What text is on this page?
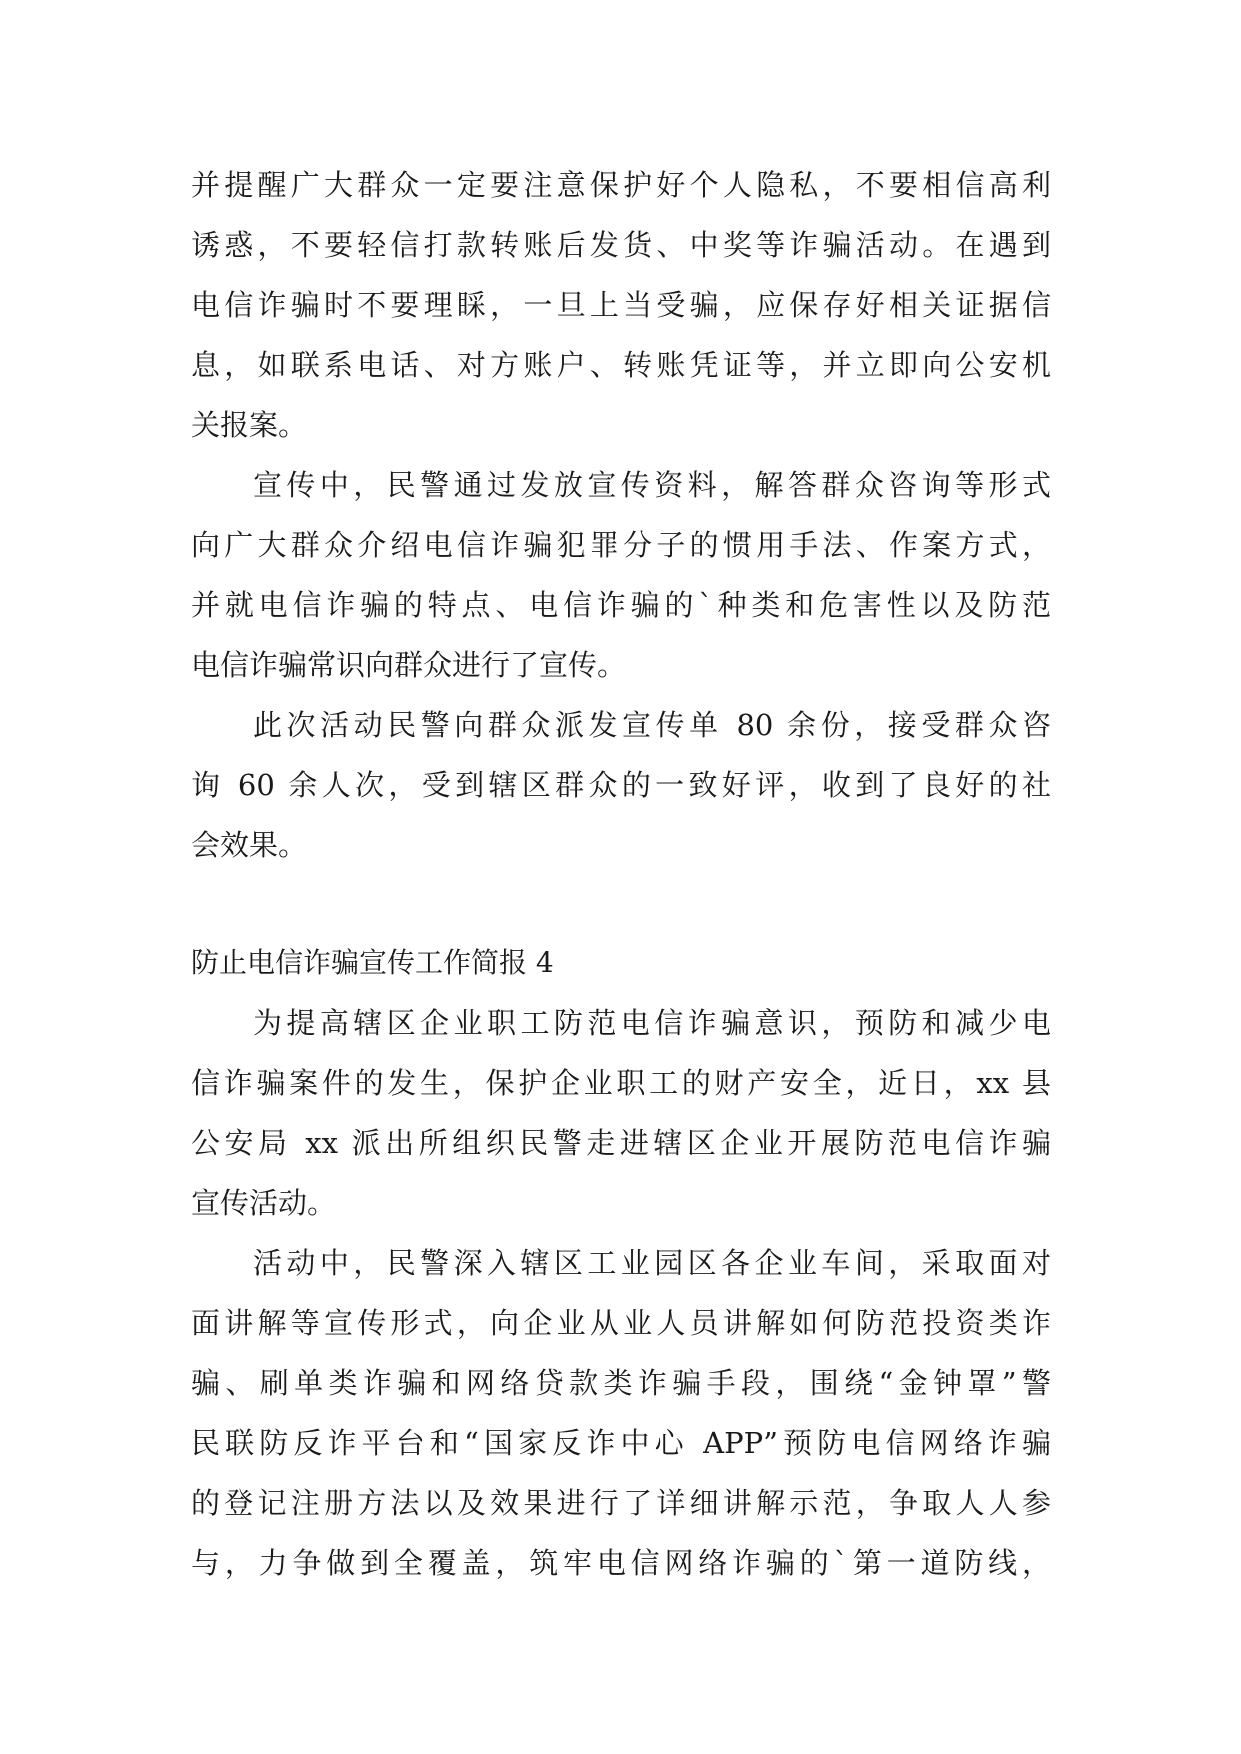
并提醒广大群众一定要注意保护好个人隐私，不要相信高利
诱惑，不要轻信打款转账后发货、中奖等诈骗活动。在遇到
电信诈骗时不要理睬，一旦上当受骗，应保存好相关证据信
息，如联系电话、对方账户、转账凭证等，并立即向公安机
关报案。
宣传中，民警通过发放宣传资料，解答群众咨询等形式
向广大群众介绍电信诈骗犯罪分子的惯用手法、作案方式，
并就电信诈骗的特点、电信诈骗的`种类和危害性以及防范
电信诈骗常识向群众进行了宣传。
此次活动民警向群众派发宣传单 80 余份，接受群众咨
询 60 余人次，受到辖区群众的一致好评，收到了良好的社
会效果。
防止电信诈骗宣传工作简报 4
为提高辖区企业职工防范电信诈骗意识，预防和减少电
信诈骗案件的发生，保护企业职工的财产安全，近日，xx 县
公安局 xx 派出所组织民警走进辖区企业开展防范电信诈骗
宣传活动。
活动中，民警深入辖区工业园区各企业车间，采取面对
面讲解等宣传形式，向企业从业人员讲解如何防范投资类诈
骗、刷单类诈骗和网络贷款类诈骗手段，围绕“金钟罩”警
民联防反诈平台和“国家反诈中心 APP”预防电信网络诈骗
的登记注册方法以及效果进行了详细讲解示范，争取人人参
与，力争做到全覆盖，筑牢电信网络诈骗的`第一道防线，
